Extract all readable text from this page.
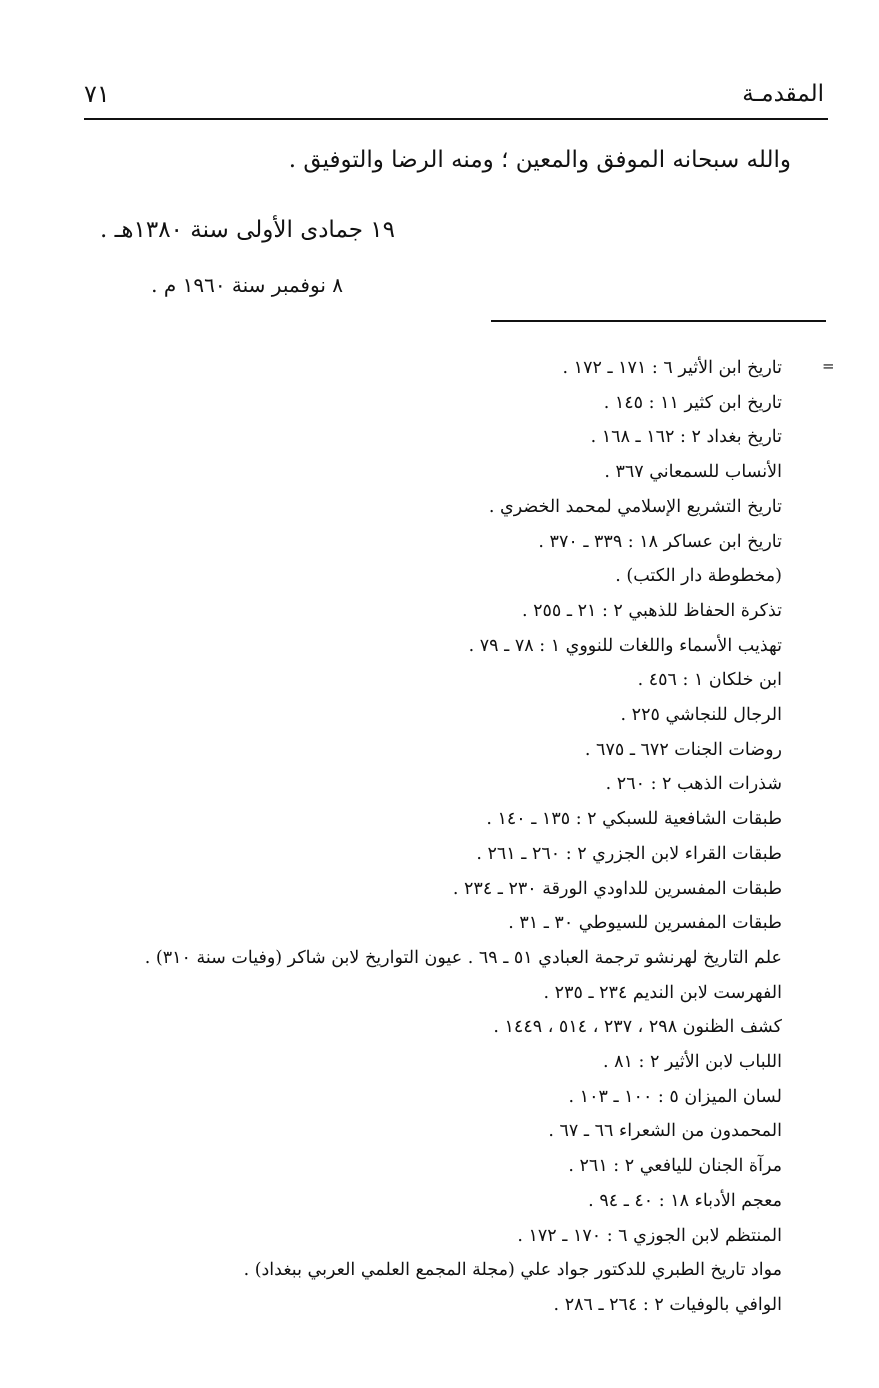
المقدمـة
٧١
والله سبحانه الموفق والمعين ؛ ومنه الرضا والتوفيق .
١٩ جمادى الأولى سنة ١٣٨٠هـ .
٨ نوفمبر سنة ١٩٦٠ م .
=
تاريخ ابن الأثير ٦ : ١٧١ ـ ١٧٢ .
تاريخ ابن كثير ١١ : ١٤٥ .
تاريخ بغداد ٢ : ١٦٢ ـ ١٦٨ .
الأنساب للسمعاني ٣٦٧ .
تاريخ التشريع الإسلامي لمحمد الخضري .
تاريخ ابن عساكر ١٨ : ٣٣٩ ـ ٣٧٠ .
(مخطوطة دار الكتب) .
تذكرة الحفاظ للذهبي ٢ : ٢١ ـ ٢٥٥ .
تهذيب الأسماء واللغات للنووي ١ : ٧٨ ـ ٧٩ .
ابن خلكان ١ : ٤٥٦ .
الرجال للنجاشي ٢٢٥ .
روضات الجنات ٦٧٢ ـ ٦٧٥ .
شذرات الذهب ٢ : ٢٦٠ .
طبقات الشافعية للسبكي ٢ : ١٣٥ ـ ١٤٠ .
طبقات القراء لابن الجزري ٢ : ٢٦٠ ـ ٢٦١ .
طبقات المفسرين للداودي الورقة ٢٣٠ ـ ٢٣٤ .
طبقات المفسرين للسيوطي ٣٠ ـ ٣١ .
علم التاريخ لهرنشو ترجمة العبادي ٥١ ـ ٦٩ . عيون التواريخ لابن شاكر (وفيات سنة ٣١٠) .
الفهرست لابن النديم ٢٣٤ ـ ٢٣٥ .
كشف الظنون ٢٩٨ ، ٢٣٧ ، ٥١٤ ، ١٤٤٩ .
اللباب لابن الأثير ٢ : ٨١ .
لسان الميزان ٥ : ١٠٠ ـ ١٠٣ .
المحمدون من الشعراء ٦٦ ـ ٦٧ .
مرآة الجنان لليافعي ٢ : ٢٦١ .
معجم الأدباء ١٨ : ٤٠ ـ ٩٤ .
المنتظم لابن الجوزي ٦ : ١٧٠ ـ ١٧٢ .
مواد تاريخ الطبري للدكتور جواد علي (مجلة المجمع العلمي العربي ببغداد) .
الوافي بالوفيات ٢ : ٢٦٤ ـ ٢٨٦ .
